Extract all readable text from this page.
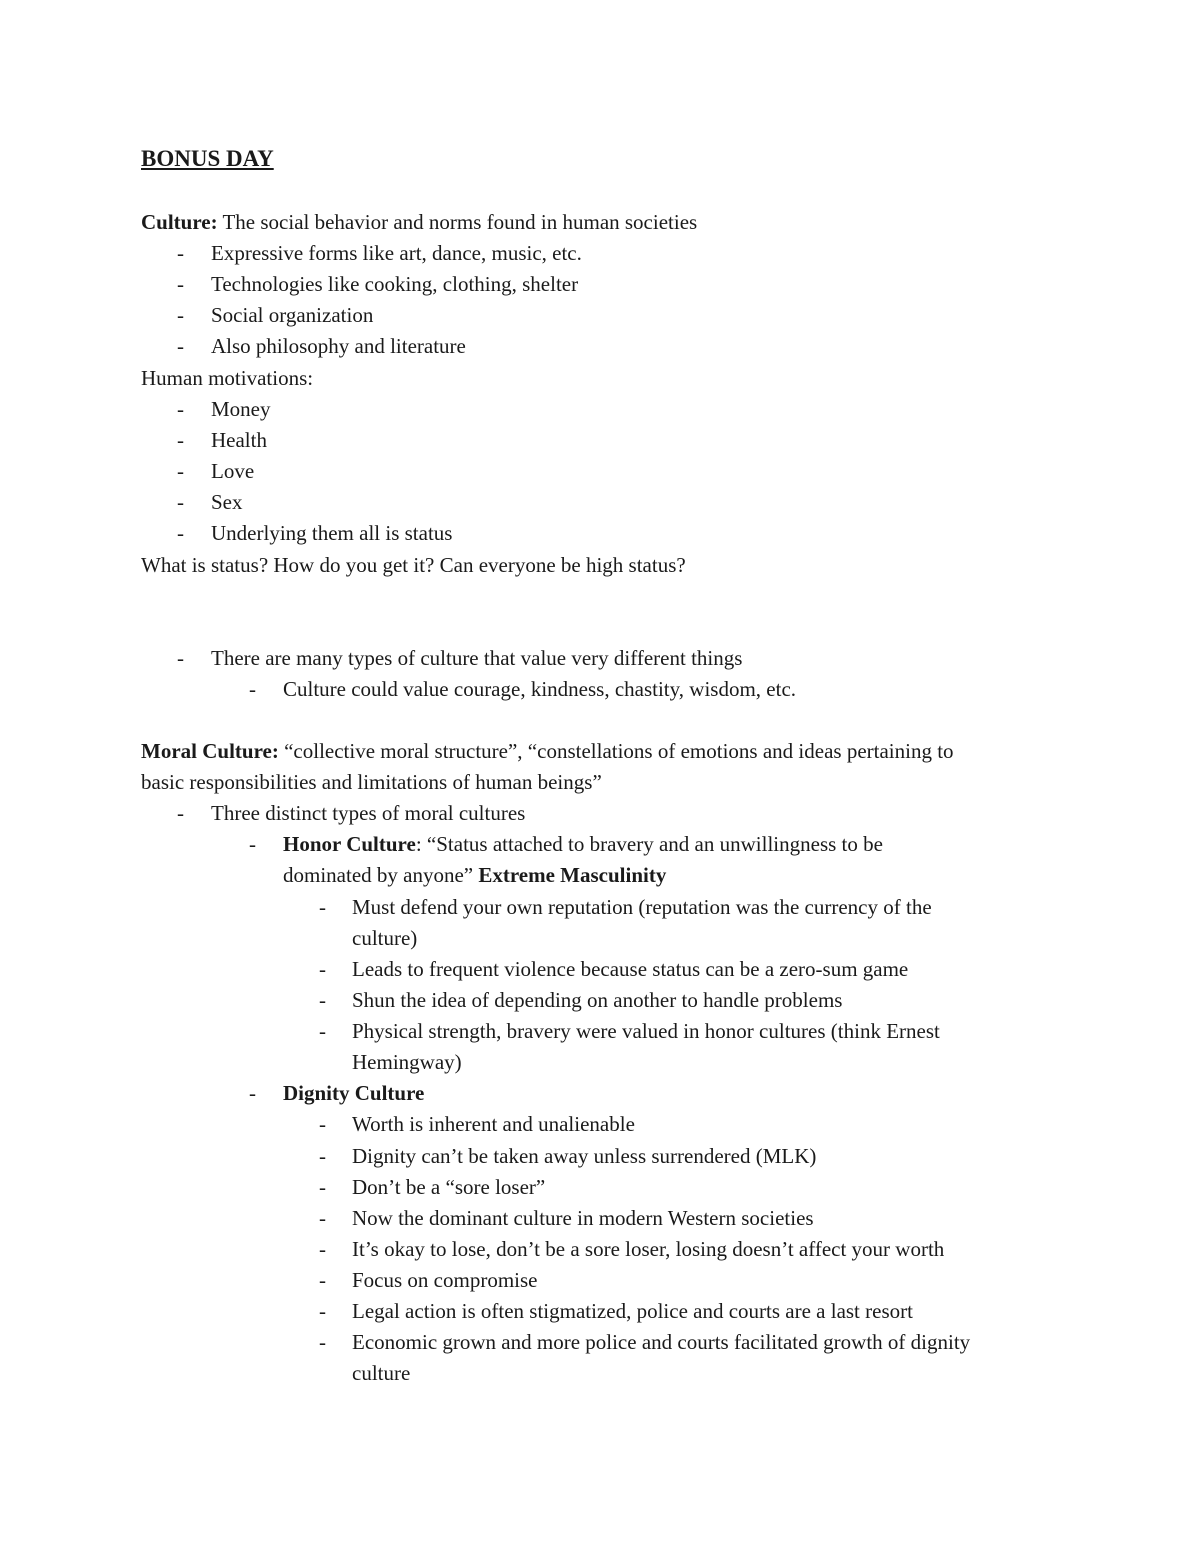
BONUS DAY
Culture: The social behavior and norms found in human societies
- Expressive forms like art, dance, music, etc.
- Technologies like cooking, clothing, shelter
- Social organization
- Also philosophy and literature
Human motivations:
- Money
- Health
- Love
- Sex
- Underlying them all is status
What is status? How do you get it? Can everyone be high status?
- There are many types of culture that value very different things
- Culture could value courage, kindness, chastity, wisdom, etc.
Moral Culture: “collective moral structure”, “constellations of emotions and ideas pertaining to
basic responsibilities and limitations of human beings”
- Three distinct types of moral cultures
- Honor Culture: “Status attached to bravery and an unwillingness to be
dominated by anyone” Extreme Masculinity
- Must defend your own reputation (reputation was the currency of the
culture)
- Leads to frequent violence because status can be a zero-sum game
- Shun the idea of depending on another to handle problems
- Physical strength, bravery were valued in honor cultures (think Ernest
Hemingway)
- Dignity Culture
- Worth is inherent and unalienable
- Dignity can’t be taken away unless surrendered (MLK)
- Don’t be a “sore loser”
- Now the dominant culture in modern Western societies
- It’s okay to lose, don’t be a sore loser, losing doesn’t affect your worth
- Focus on compromise
- Legal action is often stigmatized, police and courts are a last resort
- Economic grown and more police and courts facilitated growth of dignity
culture
